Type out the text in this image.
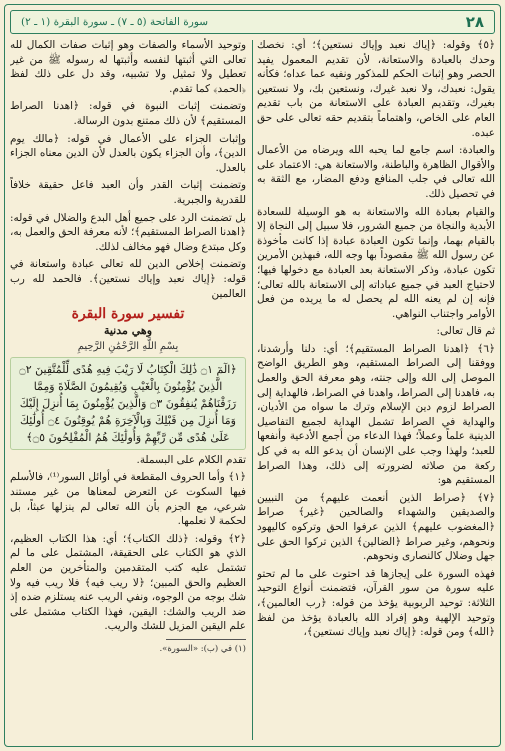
٢٨
سورة الفاتحة (٥ ـ ٧) ـ سورة البقرة (١ ـ ٢)

﴿٥﴾ وقوله: ﴿إياك نعبد وإياك نستعين﴾؛ أي: نخصك وحدك بالعبادة والاستعانة، لأن تقديم المعمول يفيد الحصر وهو إثبات الحكم للمذكور ونفيه عما عداه؛ فكأنه يقول: نعبدك، ولا نعبد غيرك، ونستعين بك، ولا نستعين بغيرك، وتقديم العبادة على الاستعانة من باب تقديم العام على الخاص، واهتماماً بتقديم حقه تعالى على حق عبده.

والعبادة: اسم جامع لما يحبه الله ويرضاه من الأعمال والأقوال الظاهرة والباطنة، والاستعانة هي: الاعتماد على الله تعالى في جلب المنافع ودفع المضار، مع الثقة به في تحصيل ذلك.

والقيام بعبادة الله والاستعانة به هو الوسيلة للسعادة الأبدية والنجاة من جميع الشرور، فلا سبيل إلى النجاة إلا بالقيام بهما، وإنما تكون العبادة عبادة إذا كانت مأخوذة عن رسول الله ﷺ مقصوداً بها وجه الله، فبهذين الأمرين تكون عبادة، وذكر الاستعانة بعد العبادة مع دخولها فيها؛ لاحتياج العبد في جميع عباداته إلى الاستعانة بالله تعالى؛ فإنه إن لم يعنه الله لم يحصل له ما يريده من فعل الأوامر واجتناب النواهي.

ثم قال تعالى:

﴿٦﴾ ﴿اهدنا الصراط المستقيم﴾؛ أي: دلنا وأرشدنا، ووفقنا إلى الصراط المستقيم، وهو الطريق الواضح الموصل إلى الله وإلى جنته، وهو معرفة الحق والعمل به، فاهدنا إلى الصراط، واهدنا في الصراط، فالهداية إلى الصراط لزوم دين الإسلام وترك ما سواه من الأديان، والهداية في الصراط تشمل الهداية لجميع التفاصيل الدينية علماً وعملاً؛ فهذا الدعاء من أجمع الأدعية وأنفعها للعبد؛ ولهذا وجب على الإنسان أن يدعو الله به في كل ركعة من صلاته لضرورته إلى ذلك، وهذا الصراط المستقيم هو:

﴿٧﴾ ﴿صراط الذين أنعمت عليهم﴾ من النبيين والصديقين والشهداء والصالحين ﴿غير﴾ صراط ﴿المغضوب عليهم﴾ الذين عرفوا الحق وتركوه كاليهود ونحوهم، وغير صراط ﴿الضالين﴾ الذين تركوا الحق على جهل وضلال كالنصارى ونحوهم.

فهذه السورة على إيجازها قد احتوت على ما لم تحتو عليه سورة من سور القرآن، فتضمنت أنواع التوحيد الثلاثة: توحيد الربوبية يؤخذ من قوله: ﴿رب العالمين﴾، وتوحيد الإلهية وهو إفراد الله بالعبادة يؤخذ من لفظ ﴿الله﴾ ومن قوله: ﴿إياك نعبد وإياك نستعين﴾،

وتوحيد الأسماء والصفات وهو إثبات صفات الكمال لله تعالى التي أثبتها لنفسه وأثبتها له رسوله ﷺ من غير تعطيل ولا تمثيل ولا تشبيه، وقد دل على ذلك لفظ ﴿الحمد﴾ كما تقدم.

وتضمنت إثبات النبوة في قوله: ﴿اهدنا الصراط المستقيم﴾ لأن ذلك ممتنع بدون الرسالة.

وإثبات الجزاء على الأعمال في قوله: ﴿مالك يوم الدين﴾، وأن الجزاء يكون بالعدل لأن الدين معناه الجزاء بالعدل.

وتضمنت إثبات القدر وأن العبد فاعل حقيقة خلافاً للقدرية والجبرية.

بل تضمنت الرد على جميع أهل البدع والضلال في قوله: ﴿اهدنا الصراط المستقيم﴾؛ لأنه معرفة الحق والعمل به، وكل مبتدع وضال فهو مخالف لذلك.

وتضمنت إخلاص الدين لله تعالى عبادة واستعانة في قوله: ﴿إياك نعبد وإياك نستعين﴾. فالحمد لله رب العالمين

تفسير سورة البقرة
وهي مدنية
بِسْمِ اللَّهِ الرَّحْمَٰنِ الرَّحِيمِ
﴿الٓمٓ ۝١ ذَٰلِكَ الْكِتَابُ لَا رَيْبَ فِيهِ هُدًى لِّلْمُتَّقِينَ ۝٢ الَّذِينَ يُؤْمِنُونَ بِالْغَيْبِ وَيُقِيمُونَ الصَّلَاةَ وَمِمَّا رَزَقْنَاهُمْ يُنفِقُونَ ۝٣ وَالَّذِينَ يُؤْمِنُونَ بِمَا أُنزِلَ إِلَيْكَ وَمَا أُنزِلَ مِن قَبْلِكَ وَبِالْآخِرَةِ هُمْ يُوقِنُونَ ۝٤ أُولَٰئِكَ عَلَىٰ هُدًى مِّن رَّبِّهِمْ وَأُولَٰئِكَ هُمُ الْمُفْلِحُونَ ۝٥﴾

تقدم الكلام على البسملة.

﴿١﴾ وأما الحروف المقطعة في أوائل السور⁽¹⁾، فالأسلم فيها السكوت عن التعرض لمعناها من غير مستند شرعي، مع الجزم بأن الله تعالى لم ينزلها عبثاً، بل لحكمة لا نعلمها.

﴿٢﴾ وقوله: ﴿ذلك الكتاب﴾؛ أي: هذا الكتاب العظيم، الذي هو الكتاب على الحقيقة، المشتمل على ما لم تشتمل عليه كتب المتقدمين والمتأخرين من العلم العظيم والحق المبين؛ ﴿لا ريب فيه﴾ فلا ريب فيه ولا شك بوجه من الوجوه، ونفي الريب عنه يستلزم ضده إذ ضد الريب والشك: اليقين، فهذا الكتاب مشتمل على علم اليقين المزيل للشك والريب.

(١) في (ب): «السورة».
